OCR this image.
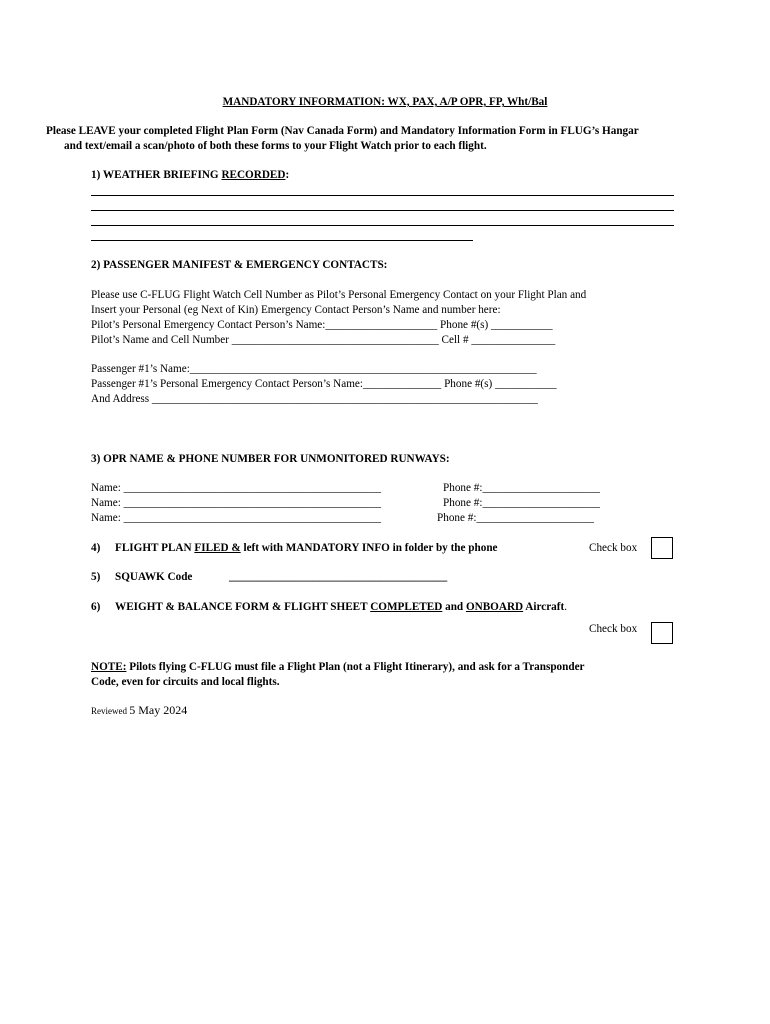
MANDATORY INFORMATION: WX, PAX, A/P OPR, FP, Wht/Bal
Please LEAVE your completed Flight Plan Form (Nav Canada Form) and Mandatory Information Form in FLUG’s Hangar
and text/email a scan/photo of both these forms to your Flight Watch prior to each flight.
1) WEATHER BRIEFING RECORDED:
2) PASSENGER MANIFEST & EMERGENCY CONTACTS:
Please use C-FLUG Flight Watch Cell Number as Pilot’s Personal Emergency Contact on your Flight Plan and
Insert your Personal (eg Next of Kin) Emergency Contact Person’s Name and number here:
Pilot’s Personal Emergency Contact Person’s Name:____________________ Phone #(s) ___________
Pilot’s Name and Cell Number _____________________________________ Cell # _______________
Passenger #1’s Name:______________________________________________________________
Passenger #1’s Personal Emergency Contact Person’s Name:______________ Phone #(s) ___________
And Address _____________________________________________________________________
3) OPR NAME & PHONE NUMBER FOR UNMONITORED RUNWAYS:
Name: ______________________________________________	Phone #:_____________________
Name: ______________________________________________	Phone #:_____________________
Name: ______________________________________________	Phone #:_____________________
4) FLIGHT PLAN FILED & left with MANDATORY INFO in folder by the phone	Check box
5) SQUAWK Code	_______________________________________
6) WEIGHT & BALANCE FORM & FLIGHT SHEET COMPLETED and ONBOARD Aircraft.
Check box
NOTE: Pilots flying C-FLUG must file a Flight Plan (not a Flight Itinerary), and ask for a Transponder
Code, even for circuits and local flights.
Reviewed 5 May 2024
